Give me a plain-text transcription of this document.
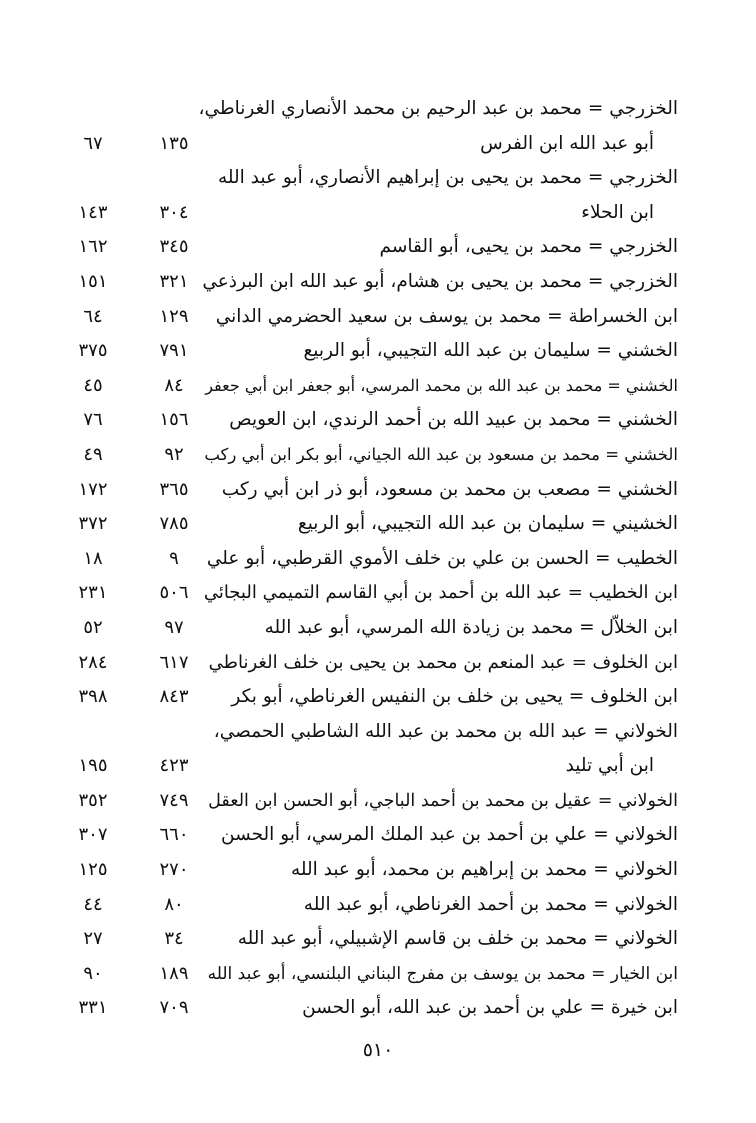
الخزرجي = محمد بن عبد الرحيم بن محمد الأنصاري الغرناطي،
أبو عبد الله ابن الفرس
١٣٥
٦٧
الخزرجي = محمد بن يحيى بن إبراهيم الأنصاري، أبو عبد الله
ابن الحلاء
٣٠٤
١٤٣
الخزرجي = محمد بن يحيى، أبو القاسم
٣٤٥
١٦٢
الخزرجي = محمد بن يحيى بن هشام، أبو عبد الله ابن البرذعي
٣٢١
١٥١
ابن الخسراطة = محمد بن يوسف بن سعيد الحضرمي الداني
١٢٩
٦٤
الخشني = سليمان بن عبد الله التجيبي، أبو الربيع
٧٩١
٣٧٥
الخشني = محمد بن عبد الله بن محمد المرسي، أبو جعفر ابن أبي جعفر
٨٤
٤٥
الخشني = محمد بن عبيد الله بن أحمد الرندي، ابن العويص
١٥٦
٧٦
الخشني = محمد بن مسعود بن عبد الله الجياني، أبو بكر ابن أبي ركب
٩٢
٤٩
الخشني = مصعب بن محمد بن مسعود، أبو ذر ابن أبي ركب
٣٦٥
١٧٢
الخشيني = سليمان بن عبد الله التجيبي، أبو الربيع
٧٨٥
٣٧٢
الخطيب = الحسن بن علي بن خلف الأموي القرطبي، أبو علي
٩
١٨
ابن الخطيب = عبد الله بن أحمد بن أبي القاسم التميمي البجائي
٥٠٦
٢٣١
ابن الخلاّل = محمد بن زيادة الله المرسي، أبو عبد الله
٩٧
٥٢
ابن الخلوف = عبد المنعم بن محمد بن يحيى بن خلف الغرناطي
٦١٧
٢٨٤
ابن الخلوف = يحيى بن خلف بن النفيس الغرناطي، أبو بكر
٨٤٣
٣٩٨
الخولاني = عبد الله بن محمد بن عبد الله الشاطبي الحمصي،
ابن أبي تليد
٤٢٣
١٩٥
الخولاني = عقيل بن محمد بن أحمد الباجي، أبو الحسن ابن العقل
٧٤٩
٣٥٢
الخولاني = علي بن أحمد بن عبد الملك المرسي، أبو الحسن
٦٦٠
٣٠٧
الخولاني = محمد بن إبراهيم بن محمد، أبو عبد الله
٢٧٠
١٢٥
الخولاني = محمد بن أحمد الغرناطي، أبو عبد الله
٨٠
٤٤
الخولاني = محمد بن خلف بن قاسم الإشبيلي، أبو عبد الله
٣٤
٢٧
ابن الخيار = محمد بن يوسف بن مفرج البناني البلنسي، أبو عبد الله
١٨٩
٩٠
ابن خيرة = علي بن أحمد بن عبد الله، أبو الحسن
٧٠٩
٣٣١
٥١٠
